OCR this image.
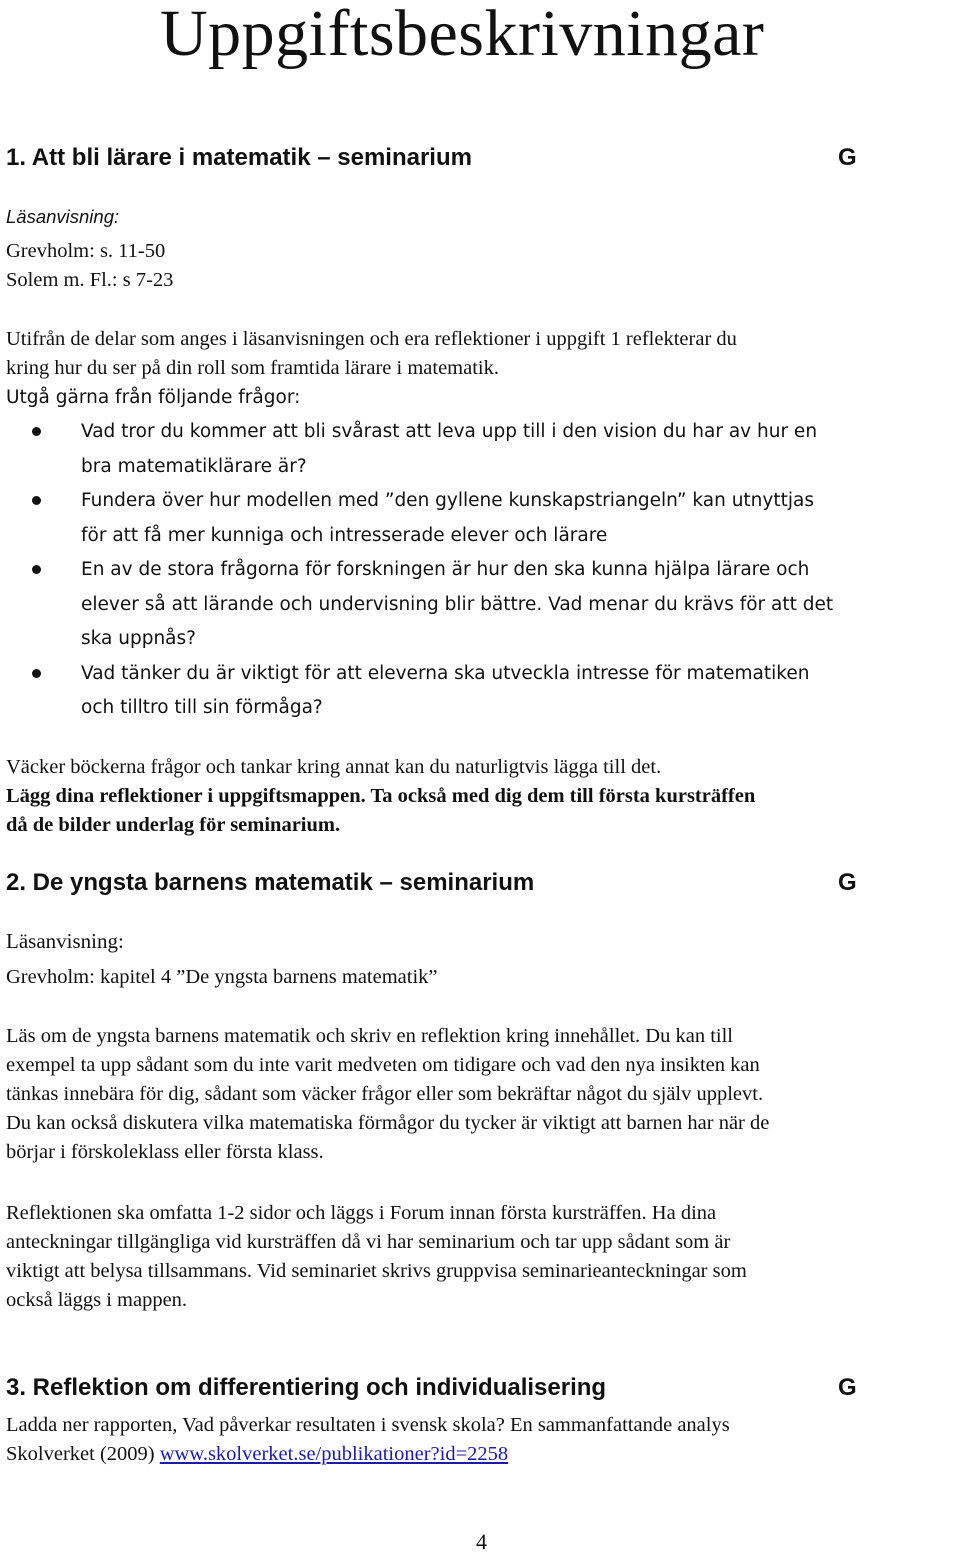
Uppgiftsbeskrivningar
1. Att bli lärare i matematik – seminarium	G
Läsanvisning:
Grevholm: s. 11-50
Solem m. Fl.: s 7-23
Utifrån de delar som anges i läsanvisningen och era reflektioner i uppgift 1 reflekterar du
kring hur du ser på din roll som framtida lärare i matematik.
Utgå gärna från följande frågor:
Vad tror du kommer att bli svårast att leva upp till i den vision du har av hur en
bra matematiklärare är?
Fundera över hur modellen med ”den gyllene kunskapstriangeln” kan utnyttjas
för att få mer kunniga och intresserade elever och lärare
En av de stora frågorna för forskningen är hur den ska kunna hjälpa lärare och
elever så att lärande och undervisning blir bättre. Vad menar du krävs för att det
ska uppnås?
Vad tänker du är viktigt för att eleverna ska utveckla intresse för matematiken
och tilltro till sin förmåga?
Väcker böckerna frågor och tankar kring annat kan du naturligtvis lägga till det.
Lägg dina reflektioner i uppgiftsmappen. Ta också med dig dem till första kursträffen
då de bilder underlag för seminarium.
2. De yngsta barnens matematik – seminarium	G
Läsanvisning:
Grevholm: kapitel 4 ”De yngsta barnens matematik”
Läs om de yngsta barnens matematik och skriv en reflektion kring innehållet. Du kan till
exempel ta upp sådant som du inte varit medveten om tidigare och vad den nya insikten kan
tänkas innebära för dig, sådant som väcker frågor eller som bekräftar något du själv upplevt.
Du kan också diskutera vilka matematiska förmågor du tycker är viktigt att barnen har när de
börjar i förskoleklass eller första klass.
Reflektionen ska omfatta 1-2 sidor och läggs i Forum innan första kursträffen. Ha dina
anteckningar tillgängliga vid kursträffen då vi har seminarium och tar upp sådant som är
viktigt att belysa tillsammans. Vid seminariet skrivs gruppvisa seminarieanteckningar som
också läggs i mappen.
3. Reflektion om differentiering och individualisering	G
Ladda ner rapporten, Vad påverkar resultaten i svensk skola? En sammanfattande analys
Skolverket (2009) www.skolverket.se/publikationer?id=2258
4
